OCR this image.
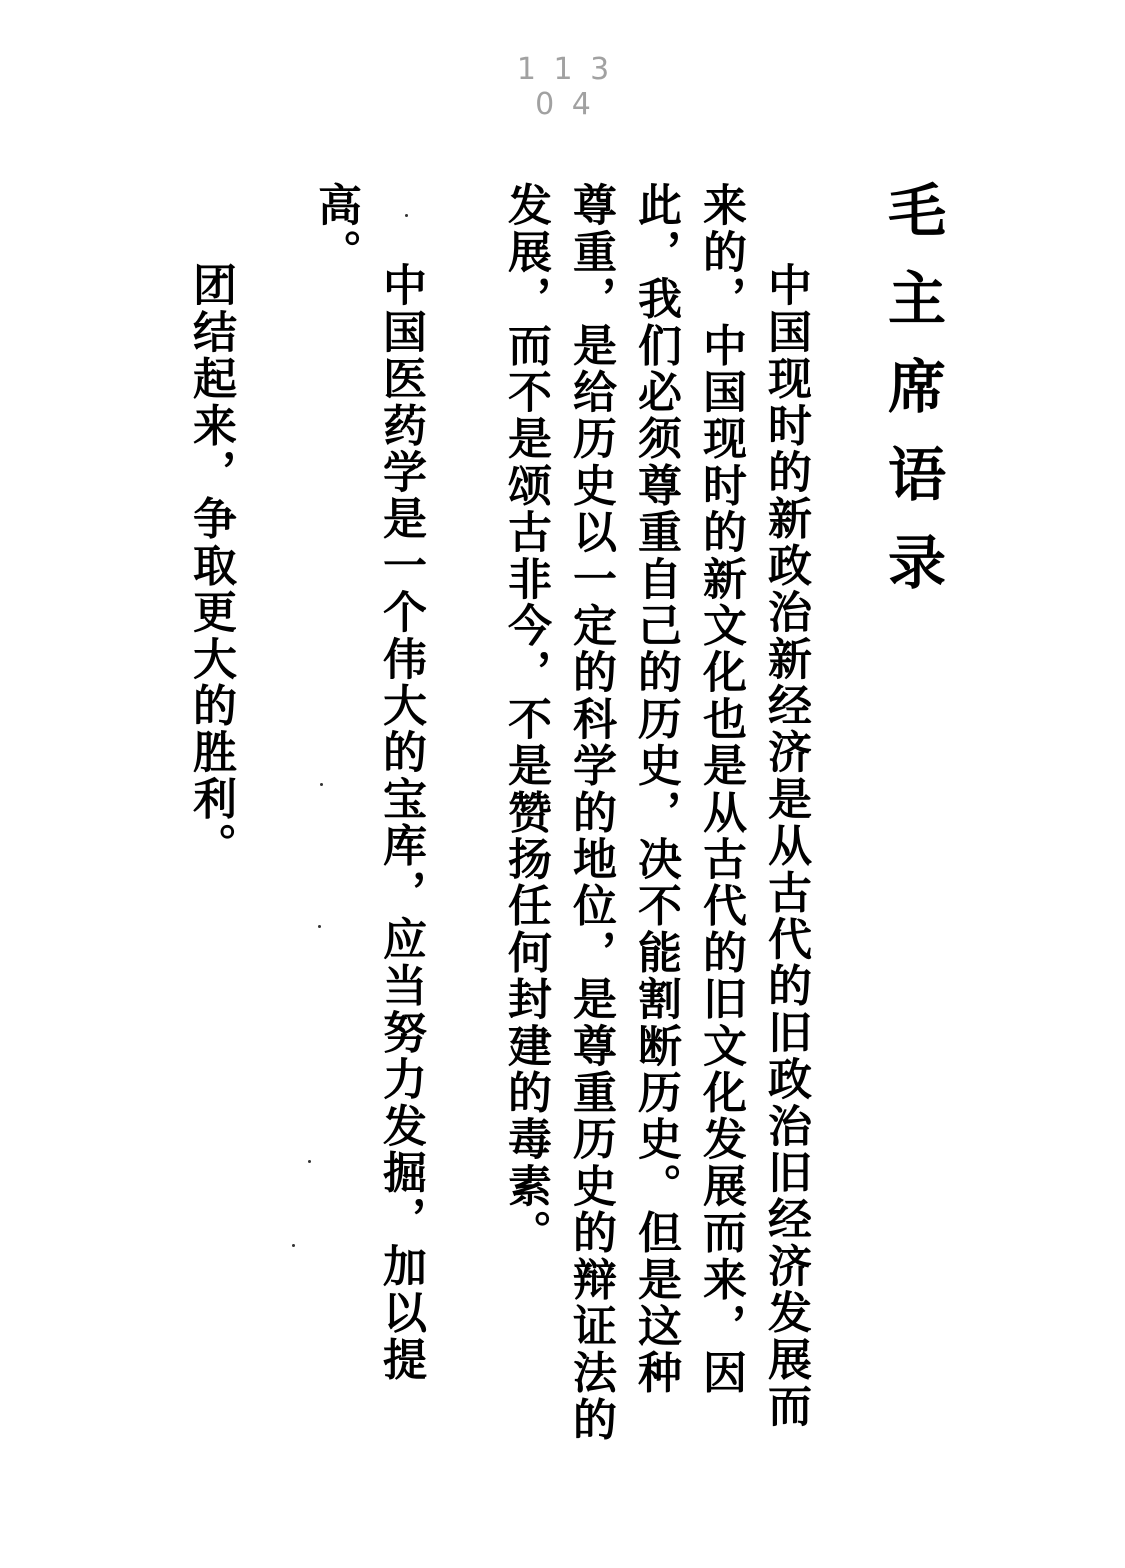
1 1 3 0 4
毛主席语录
中国现时的新政治新经济是从古代的旧政治旧经济发展而
来的，中国现时的新文化也是从古代的旧文化发展而来，因
此，我们必须尊重自己的历史，决不能割断历史。但是这种
尊重，是给历史以一定的科学的地位，是尊重历史的辩证法的
发展，而不是颂古非今，不是赞扬任何封建的毒素。
中国医药学是一个伟大的宝库，应当努力发掘，加以提
高。
团结起来，争取更大的胜利。
